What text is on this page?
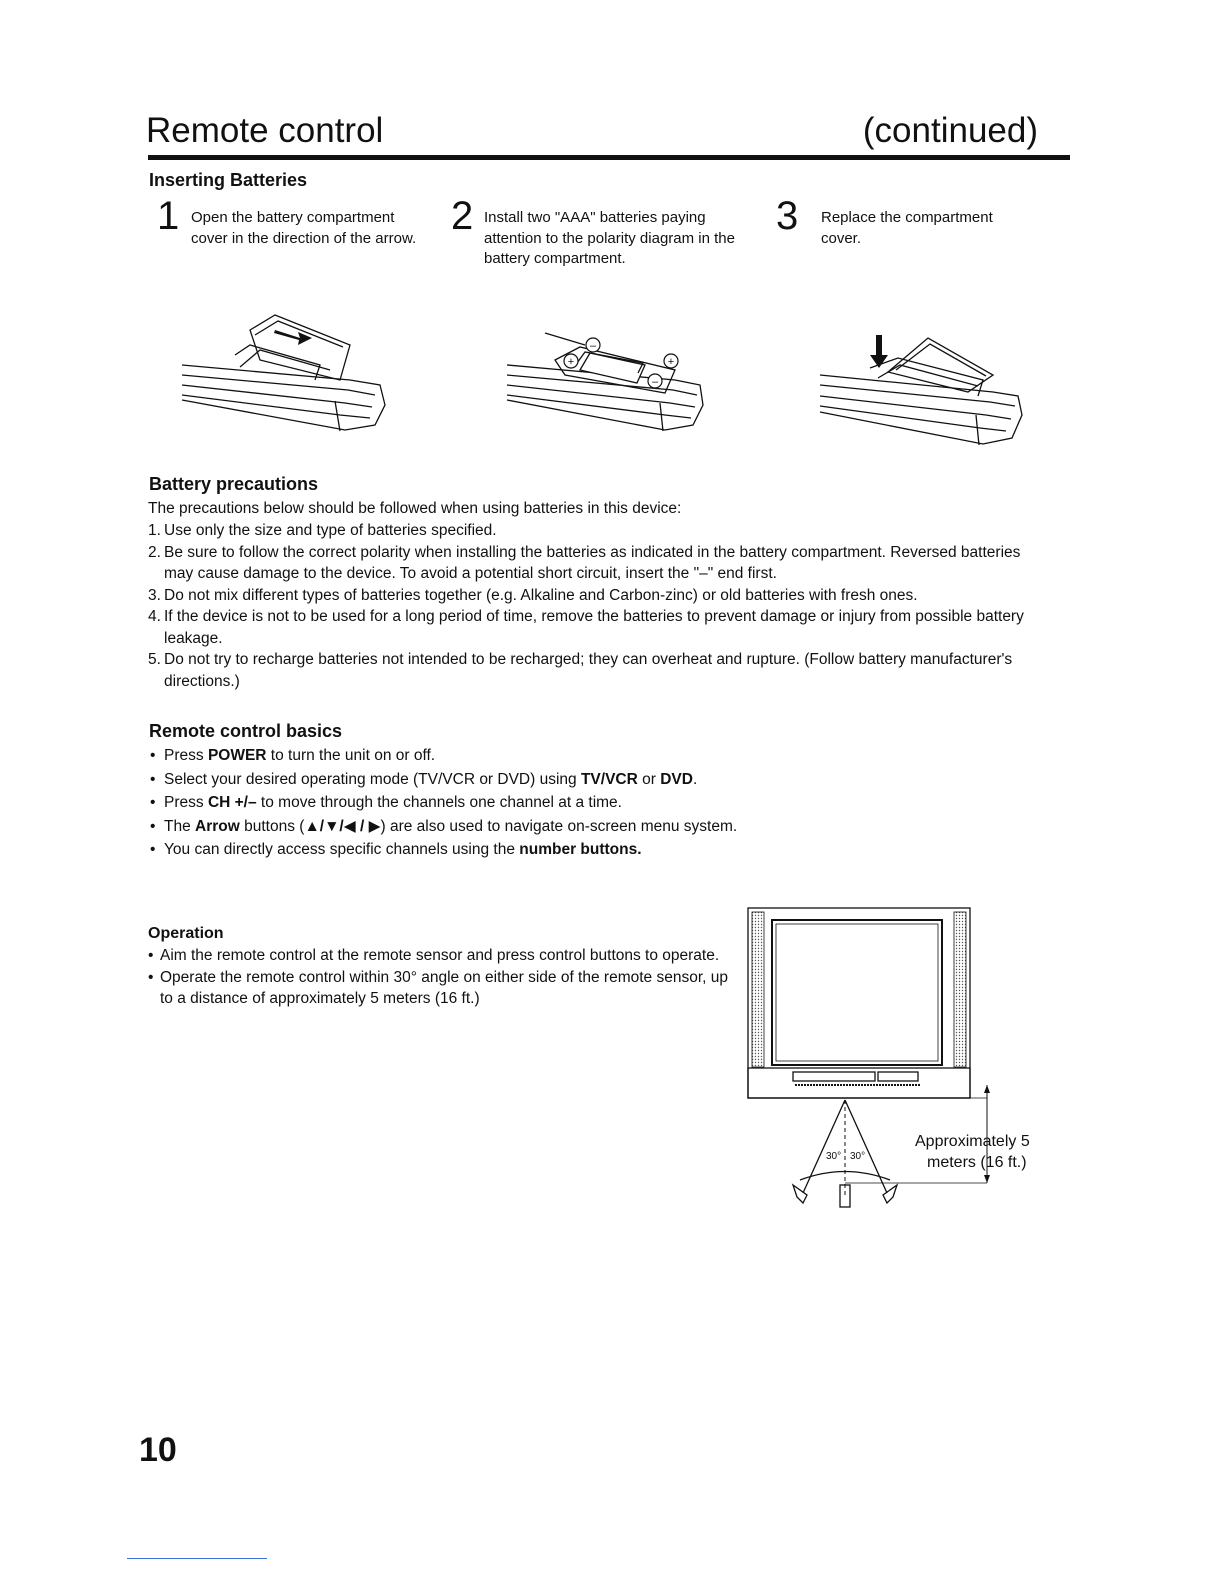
Remote control	(continued)
Inserting Batteries
1 Open the battery compartment cover in the direction of the arrow. 2 Install two "AAA" batteries paying attention to the polarity diagram in the battery compartment.
3 Replace the compartment cover.
+
–
+
–
Battery precautions
The precautions below should be followed when using batteries in this device:
1. Use only the size and type of batteries specified.
2. Be sure to follow the correct polarity when installing the batteries as indicated in the battery compartment. Reversed batteries may cause damage to the device. To avoid a potential short circuit, insert the "–" end first.
3. Do not mix different types of batteries together (e.g. Alkaline and Carbon-zinc) or old batteries with fresh ones.
4. If the device is not to be used for a long period of time, remove the batteries to prevent damage or injury from possible battery leakage.
5. Do not try to recharge batteries not intended to be recharged; they can overheat and rupture. (Follow battery manufacturer's directions.)
Remote control basics
• Press POWER to turn the unit on or off.
• Select your desired operating mode (TV/VCR or DVD) using TV/VCR or DVD.
• Press CH +/– to move through the channels one channel at a time.
• The Arrow buttons (▲/▼/◀ / ▶) are also used to navigate on-screen menu system.
• You can directly access specific channels using the number buttons.
Operation
• Aim the remote control at the remote sensor and press control buttons to operate.
• Operate the remote control within 30° angle on either side of the remote sensor, up to a distance of approximately 5 meters (16 ft.)
30° 30°
Approximately 5
meters (16 ft.)
10
